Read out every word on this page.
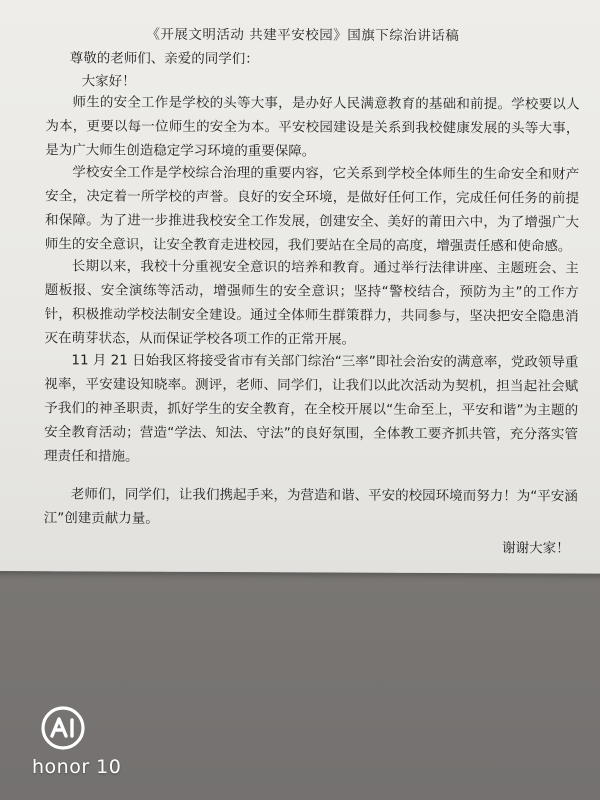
《开展文明活动 共建平安校园》国旗下综治讲话稿
尊敬的老师们、亲爱的同学们：
大家好！

师生的安全工作是学校的头等大事，是办好人民满意教育的基础和前提。学校要以人为本，更要以每一位师生的安全为本。平安校园建设是关系到我校健康发展的头等大事，是为广大师生创造稳定学习环境的重要保障。

学校安全工作是学校综合治理的重要内容，它关系到学校全体师生的生命安全和财产安全，决定着一所学校的声誉。良好的安全环境，是做好任何工作，完成任何任务的前提和保障。为了进一步推进我校安全工作发展，创建安全、美好的莆田六中，为了增强广大师生的安全意识，让安全教育走进校园，我们要站在全局的高度，增强责任感和使命感。

长期以来，我校十分重视安全意识的培养和教育。通过举行法律讲座、主题班会、主题板报、安全演练等活动，增强师生的安全意识；坚持“警校结合，预防为主”的工作方针，积极推动学校法制安全建设。通过全体师生群策群力，共同参与，坚决把安全隐患消灭在萌芽状态，从而保证学校各项工作的正常开展。

11 月 21 日始我区将接受省市有关部门综治“三率”即社会治安的满意率，党政领导重视率，平安建设知晓率。测评，老师、同学们，让我们以此次活动为契机，担当起社会赋予我们的神圣职责，抓好学生的安全教育，在全校开展以“生命至上，平安和谐”为主题的安全教育活动；营造“学法、知法、守法”的良好氛围，全体教工要齐抓共管，充分落实管理责任和措施。

老师们，同学们，让我们携起手来，为营造和谐、平安的校园环境而努力！为“平安涵江”创建贡献力量。

谢谢大家！
honor 10
